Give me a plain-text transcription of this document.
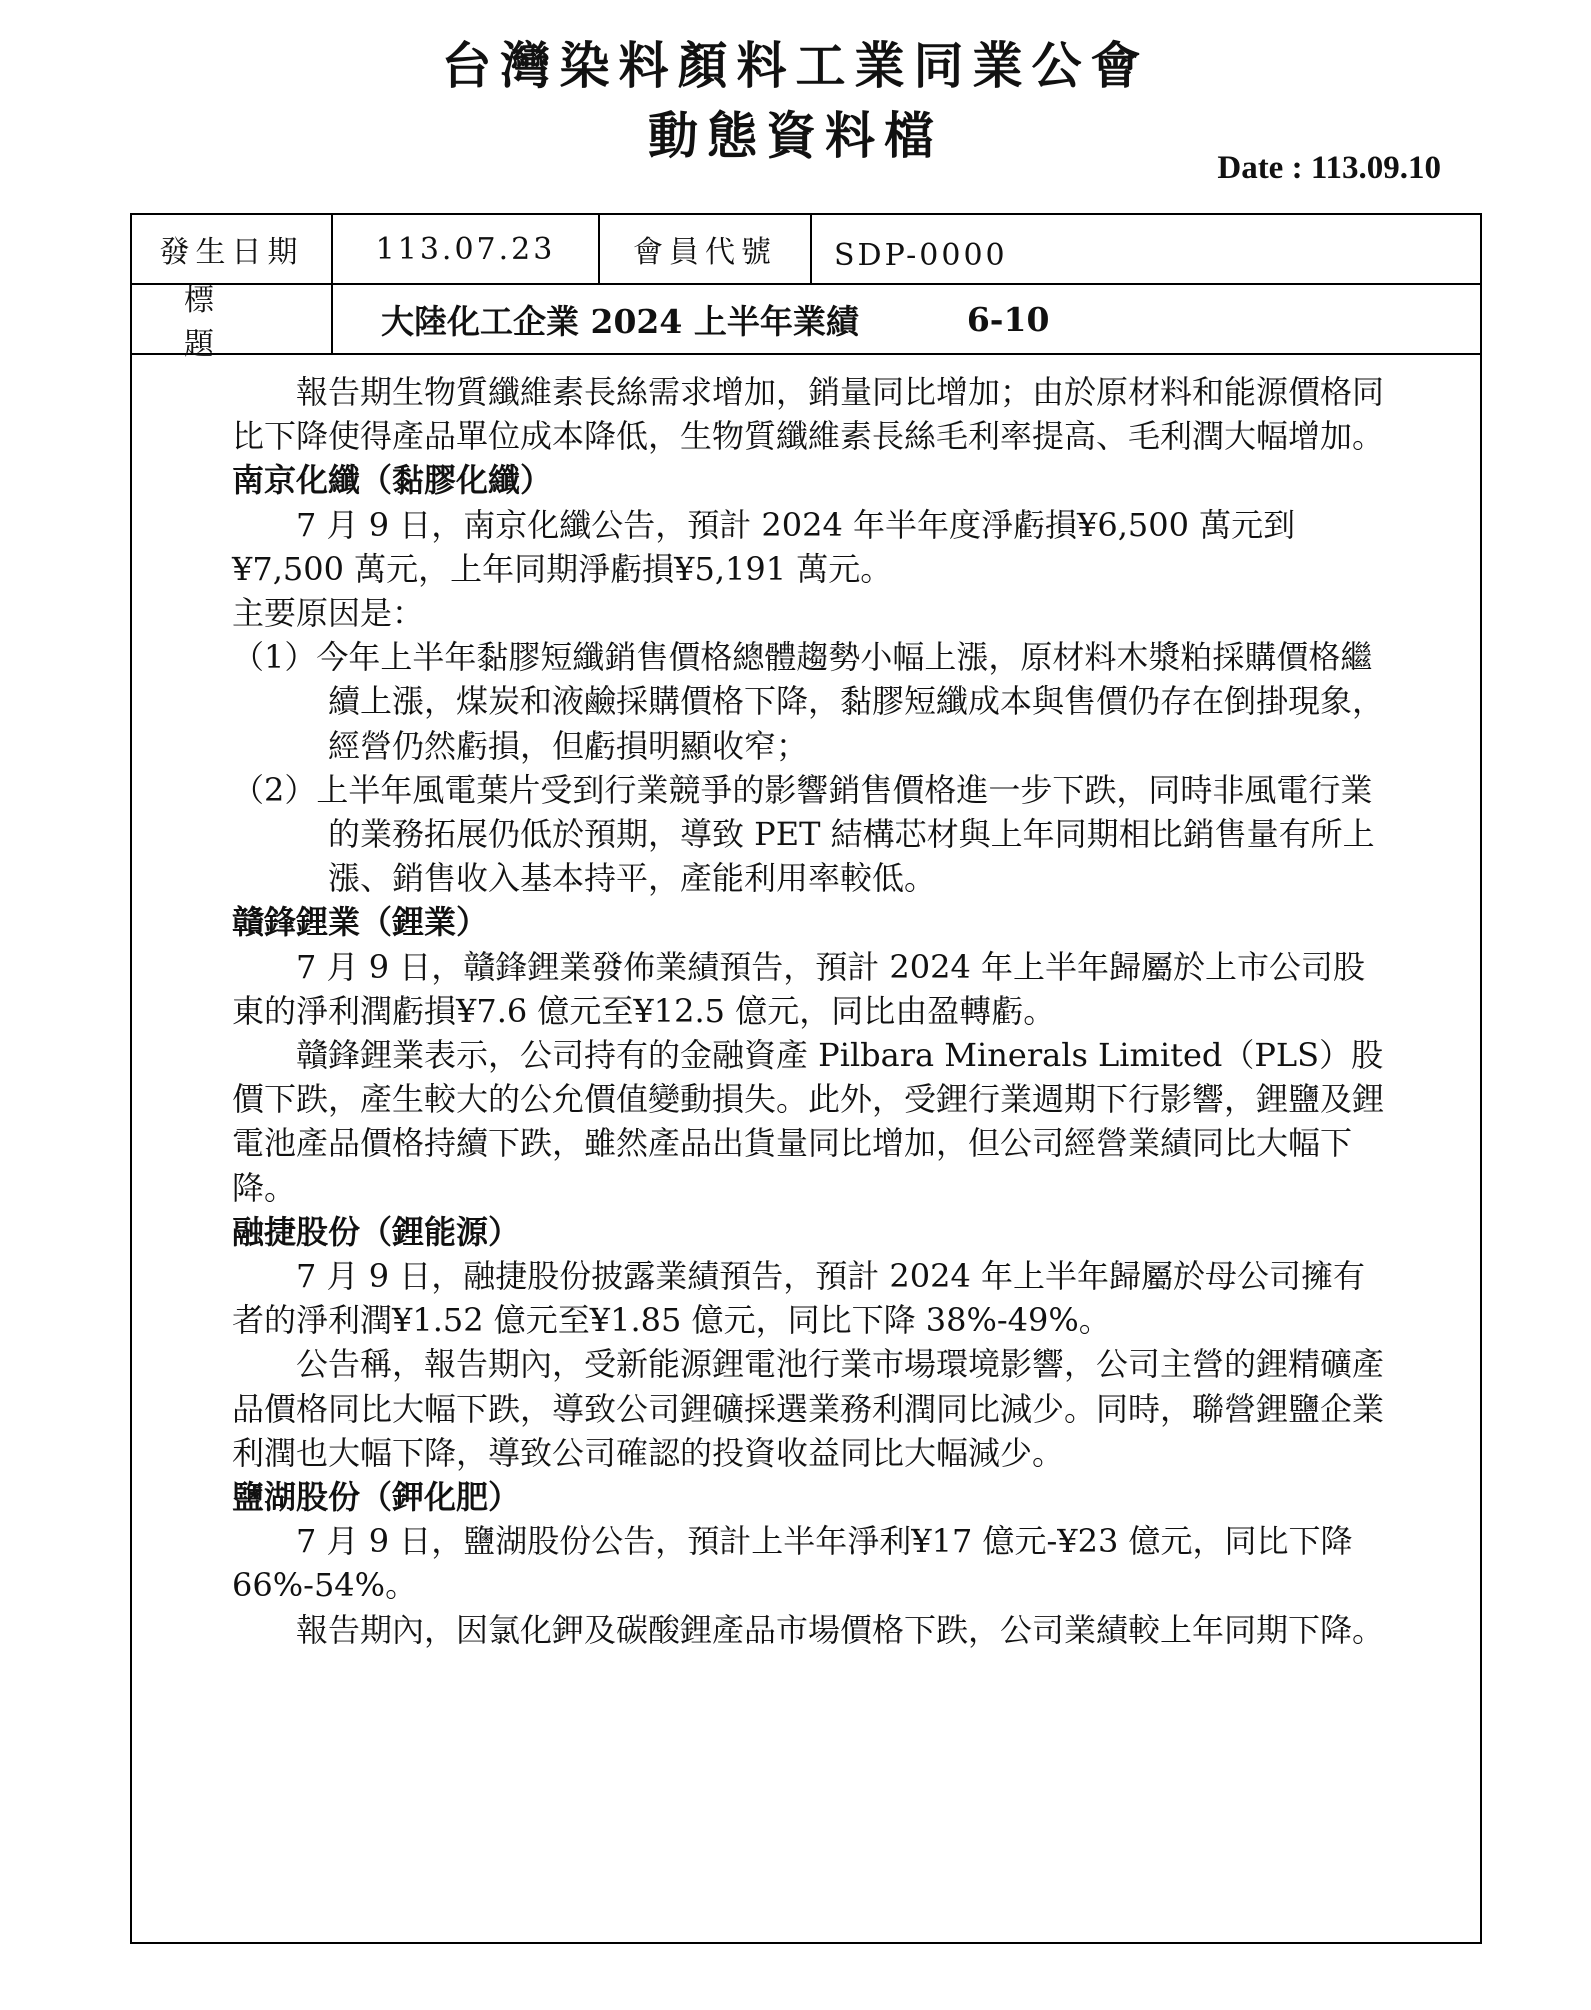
台灣染料顏料工業同業公會
動態資料檔
Date : 113.09.10
發生日期	113.07.23	會員代號	SDP-0000
標題
大陸化工企業 2024 上半年業績	6-10

報告期生物質纖維素長絲需求增加，銷量同比增加；由於原材料和能源價格同比下降使得產品單位成本降低，生物質纖維素長絲毛利率提高、毛利潤大幅增加。

南京化纖（黏膠化纖）

7 月 9 日，南京化纖公告，預計 2024 年半年度淨虧損¥6,500 萬元到¥7,500 萬元，上年同期淨虧損¥5,191 萬元。

主要原因是：

（1）今年上半年黏膠短纖銷售價格總體趨勢小幅上漲，原材料木漿粕採購價格繼續上漲，煤炭和液鹼採購價格下降，黏膠短纖成本與售價仍存在倒掛現象，經營仍然虧損，但虧損明顯收窄；

（2）上半年風電葉片受到行業競爭的影響銷售價格進一步下跌，同時非風電行業的業務拓展仍低於預期，導致 PET 結構芯材與上年同期相比銷售量有所上漲、銷售收入基本持平，產能利用率較低。

贛鋒鋰業（鋰業）

7 月 9 日，贛鋒鋰業發佈業績預告，預計 2024 年上半年歸屬於上市公司股東的淨利潤虧損¥7.6 億元至¥12.5 億元，同比由盈轉虧。

贛鋒鋰業表示，公司持有的金融資產 Pilbara Minerals Limited（PLS）股價下跌，產生較大的公允價值變動損失。此外，受鋰行業週期下行影響，鋰鹽及鋰電池產品價格持續下跌，雖然產品出貨量同比增加，但公司經營業績同比大幅下降。

融捷股份（鋰能源）

7 月 9 日，融捷股份披露業績預告，預計 2024 年上半年歸屬於母公司擁有者的淨利潤¥1.52 億元至¥1.85 億元，同比下降 38%-49%。

公告稱，報告期內，受新能源鋰電池行業市場環境影響，公司主營的鋰精礦產品價格同比大幅下跌，導致公司鋰礦採選業務利潤同比減少。同時，聯營鋰鹽企業利潤也大幅下降，導致公司確認的投資收益同比大幅減少。

鹽湖股份（鉀化肥）

7 月 9 日，鹽湖股份公告，預計上半年淨利¥17 億元-¥23 億元，同比下降 66%-54%。

報告期內，因氯化鉀及碳酸鋰產品市場價格下跌，公司業績較上年同期下降。
